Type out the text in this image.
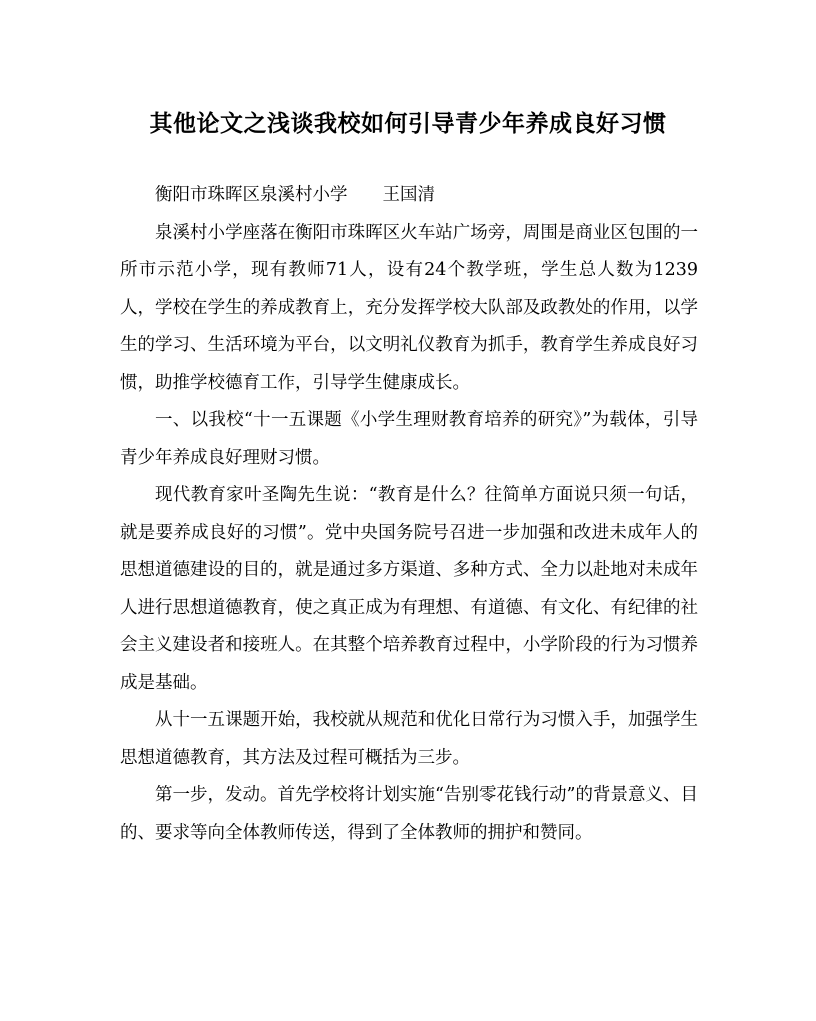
其他论文之浅谈我校如何引导青少年养成良好习惯

衡阳市珠晖区泉溪村小学　　王国清

泉溪村小学座落在衡阳市珠晖区火车站广场旁，周围是商业区包围的一所市示范小学，现有教师71人，设有24个教学班，学生总人数为1239人，学校在学生的养成教育上，充分发挥学校大队部及政教处的作用，以学生的学习、生活环境为平台，以文明礼仪教育为抓手，教育学生养成良好习惯，助推学校德育工作，引导学生健康成长。

一、以我校“十一五课题《小学生理财教育培养的研究》”为载体，引导青少年养成良好理财习惯。

现代教育家叶圣陶先生说：“教育是什么？往简单方面说只须一句话，就是要养成良好的习惯”。党中央国务院号召进一步加强和改进未成年人的思想道德建设的目的，就是通过多方渠道、多种方式、全力以赴地对未成年人进行思想道德教育，使之真正成为有理想、有道德、有文化、有纪律的社会主义建设者和接班人。在其整个培养教育过程中，小学阶段的行为习惯养成是基础。

从十一五课题开始，我校就从规范和优化日常行为习惯入手，加强学生思想道德教育，其方法及过程可概括为三步。

第一步，发动。首先学校将计划实施“告别零花钱行动”的背景意义、目的、要求等向全体教师传送，得到了全体教师的拥护和赞同。
